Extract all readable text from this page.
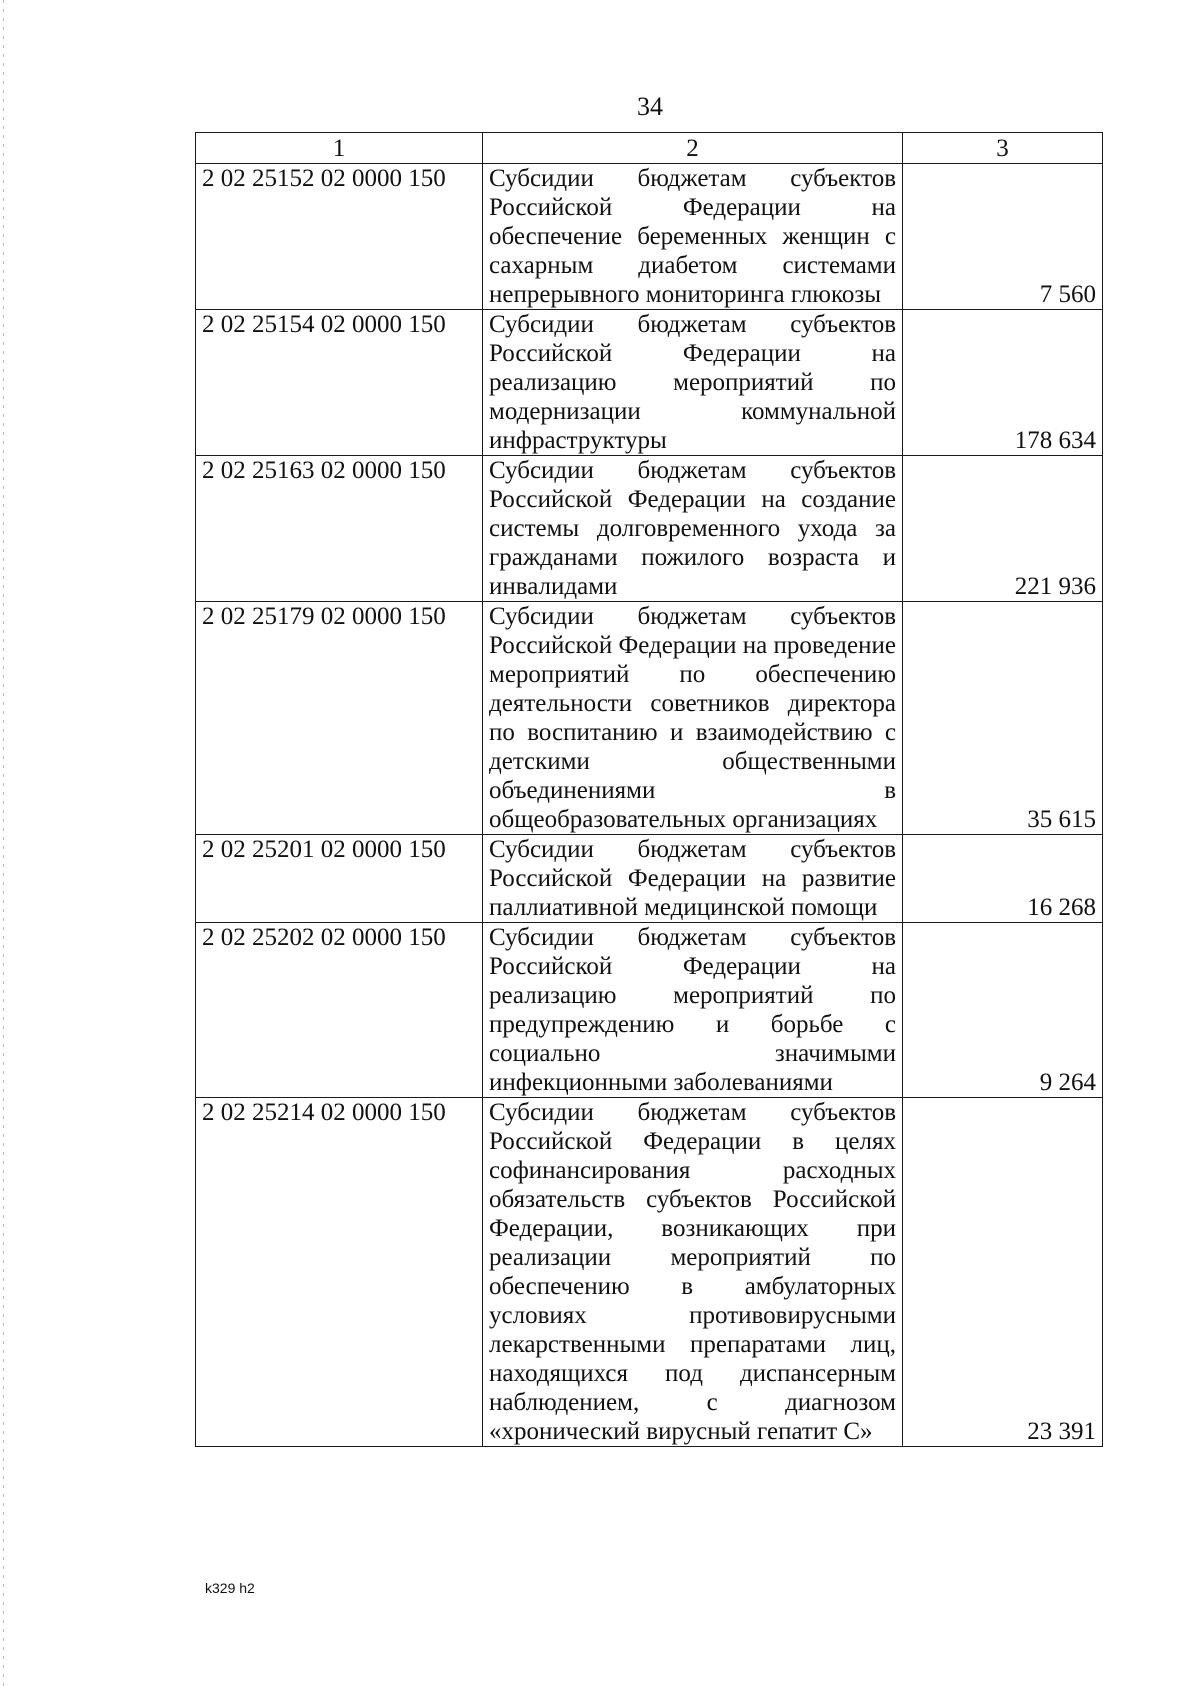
34
1	2	3
2 02 25152 02 0000 150	Субсидии бюджетам субъектов Российской Федерации на обеспечение беременных женщин с сахарным диабетом системами непрерывного мониторинга глюкозы	7 560
2 02 25154 02 0000 150	Субсидии бюджетам субъектов Российской Федерации на реализацию мероприятий по модернизации коммунальной инфраструктуры	178 634
2 02 25163 02 0000 150	Субсидии бюджетам субъектов Российской Федерации на создание системы долговременного ухода за гражданами пожилого возраста и инвалидами	221 936
2 02 25179 02 0000 150	Субсидии бюджетам субъектов Российской Федерации на проведение мероприятий по обеспечению деятельности советников директора по воспитанию и взаимодействию с детскими общественными объединениями в общеобразовательных организациях	35 615
2 02 25201 02 0000 150	Субсидии бюджетам субъектов Российской Федерации на развитие паллиативной медицинской помощи	16 268
2 02 25202 02 0000 150	Субсидии бюджетам субъектов Российской Федерации на реализацию мероприятий по предупреждению и борьбе с социально значимыми инфекционными заболеваниями	9 264
2 02 25214 02 0000 150	Субсидии бюджетам субъектов Российской Федерации в целях софинансирования расходных обязательств субъектов Российской Федерации, возникающих при реализации мероприятий по обеспечению в амбулаторных условиях противовирусными лекарственными препаратами лиц, находящихся под диспансерным наблюдением, с диагнозом «хронический вирусный гепатит С»	23 391
k329 h2
